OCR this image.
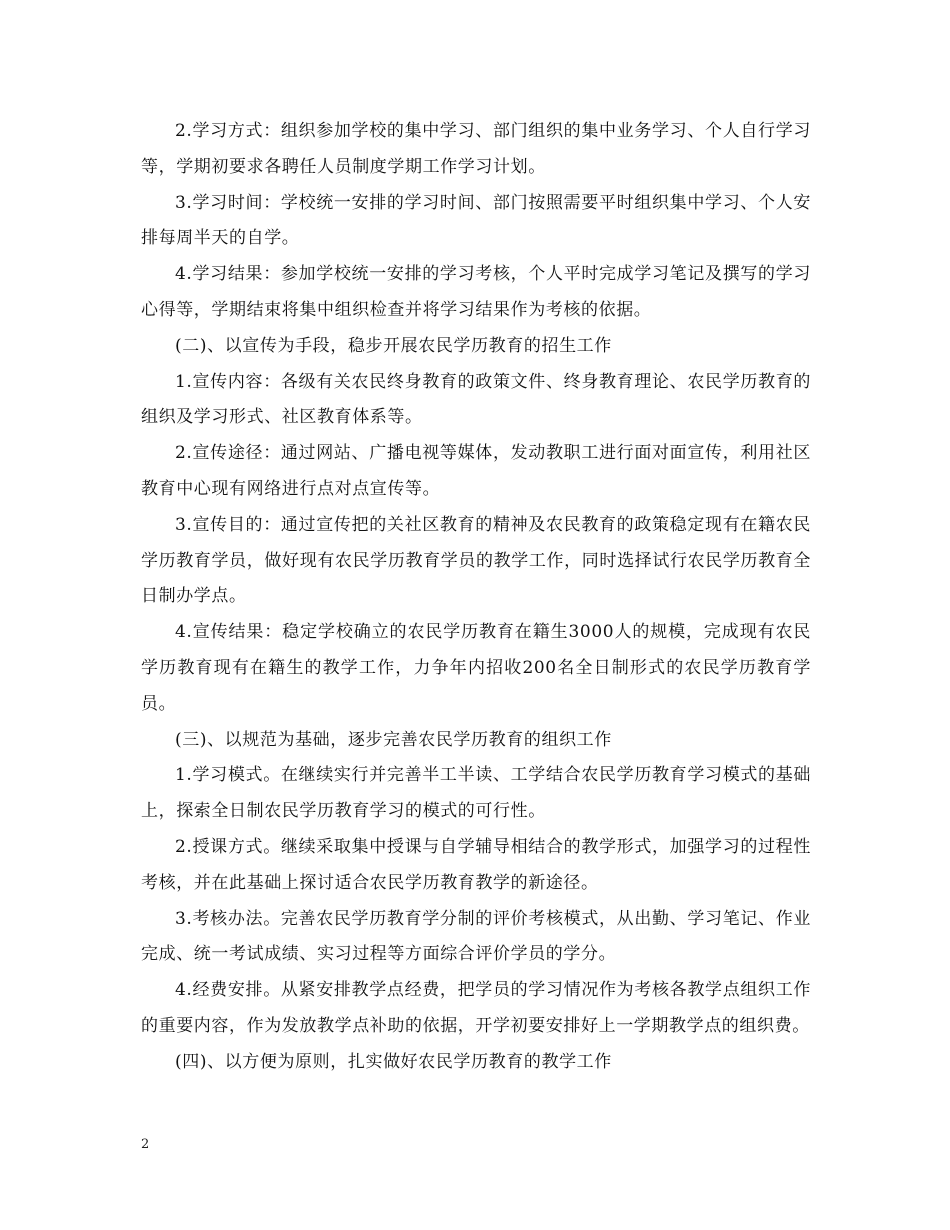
2.学习方式：组织参加学校的集中学习、部门组织的集中业务学习、个人自行学习等，学期初要求各聘任人员制度学期工作学习计划。

3.学习时间：学校统一安排的学习时间、部门按照需要平时组织集中学习、个人安排每周半天的自学。

4.学习结果：参加学校统一安排的学习考核，个人平时完成学习笔记及撰写的学习心得等，学期结束将集中组织检查并将学习结果作为考核的依据。

(二)、以宣传为手段，稳步开展农民学历教育的招生工作

1.宣传内容：各级有关农民终身教育的政策文件、终身教育理论、农民学历教育的组织及学习形式、社区教育体系等。

2.宣传途径：通过网站、广播电视等媒体，发动教职工进行面对面宣传，利用社区教育中心现有网络进行点对点宣传等。

3.宣传目的：通过宣传把的关社区教育的精神及农民教育的政策稳定现有在籍农民学历教育学员，做好现有农民学历教育学员的教学工作，同时选择试行农民学历教育全日制办学点。

4.宣传结果：稳定学校确立的农民学历教育在籍生3000人的规模，完成现有农民学历教育现有在籍生的教学工作，力争年内招收200名全日制形式的农民学历教育学员。

(三)、以规范为基础，逐步完善农民学历教育的组织工作

1.学习模式。在继续实行并完善半工半读、工学结合农民学历教育学习模式的基础上，探索全日制农民学历教育学习的模式的可行性。

2.授课方式。继续采取集中授课与自学辅导相结合的教学形式，加强学习的过程性考核，并在此基础上探讨适合农民学历教育教学的新途径。

3.考核办法。完善农民学历教育学分制的评价考核模式，从出勤、学习笔记、作业完成、统一考试成绩、实习过程等方面综合评价学员的学分。

4.经费安排。从紧安排教学点经费，把学员的学习情况作为考核各教学点组织工作的重要内容，作为发放教学点补助的依据，开学初要安排好上一学期教学点的组织费。

(四)、以方便为原则，扎实做好农民学历教育的教学工作

2
